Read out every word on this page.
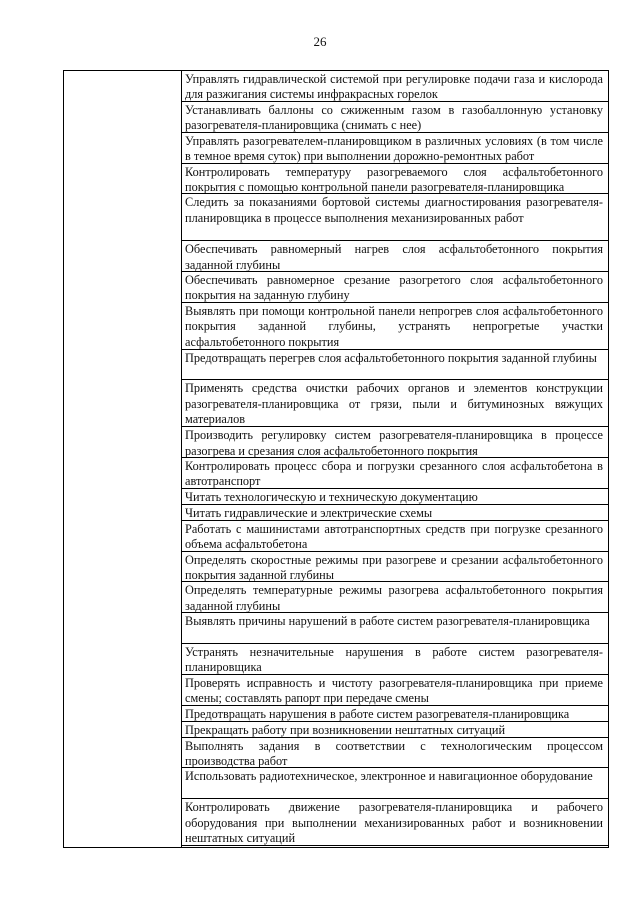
26
Управлять гидравлической системой при регулировке подачи газа и кислорода для разжигания системы инфракрасных горелок
Устанавливать баллоны со сжиженным газом в газобаллонную установку разогревателя-планировщика (снимать с нее)
Управлять разогревателем-планировщиком в различных условиях (в том числе в темное время суток) при выполнении дорожно-ремонтных работ
Контролировать температуру разогреваемого слоя асфальтобетонного покрытия с помощью контрольной панели разогревателя-планировщика
Следить за показаниями бортовой системы диагностирования разогревателя-планировщика в процессе выполнения механизированных работ
Обеспечивать равномерный нагрев слоя асфальтобетонного покрытия заданной глубины
Обеспечивать равномерное срезание разогретого слоя асфальтобетонного покрытия на заданную глубину
Выявлять при помощи контрольной панели непрогрев слоя асфальтобетонного покрытия заданной глубины, устранять непрогретые участки асфальтобетонного покрытия
Предотвращать перегрев слоя асфальтобетонного покрытия заданной глубины
Применять средства очистки рабочих органов и элементов конструкции разогревателя-планировщика от грязи, пыли и битуминозных вяжущих материалов
Производить регулировку систем разогревателя-планировщика в процессе разогрева и срезания слоя асфальтобетонного покрытия
Контролировать процесс сбора и погрузки срезанного слоя асфальтобетона в автотранспорт
Читать технологическую и техническую документацию
Читать гидравлические и электрические схемы
Работать с машинистами автотранспортных средств при погрузке срезанного объема асфальтобетона
Определять скоростные режимы при разогреве и срезании асфальтобетонного покрытия заданной глубины
Определять температурные режимы разогрева асфальтобетонного покрытия заданной глубины
Выявлять причины нарушений в работе систем разогревателя-планировщика
Устранять незначительные нарушения в работе систем разогревателя-планировщика
Проверять исправность и чистоту разогревателя-планировщика при приеме смены; составлять рапорт при передаче смены
Предотвращать нарушения в работе систем разогревателя-планировщика
Прекращать работу при возникновении нештатных ситуаций
Выполнять задания в соответствии с технологическим процессом производства работ
Использовать радиотехническое, электронное и навигационное оборудование
Контролировать движение разогревателя-планировщика и рабочего оборудования при выполнении механизированных работ и возникновении нештатных ситуаций
